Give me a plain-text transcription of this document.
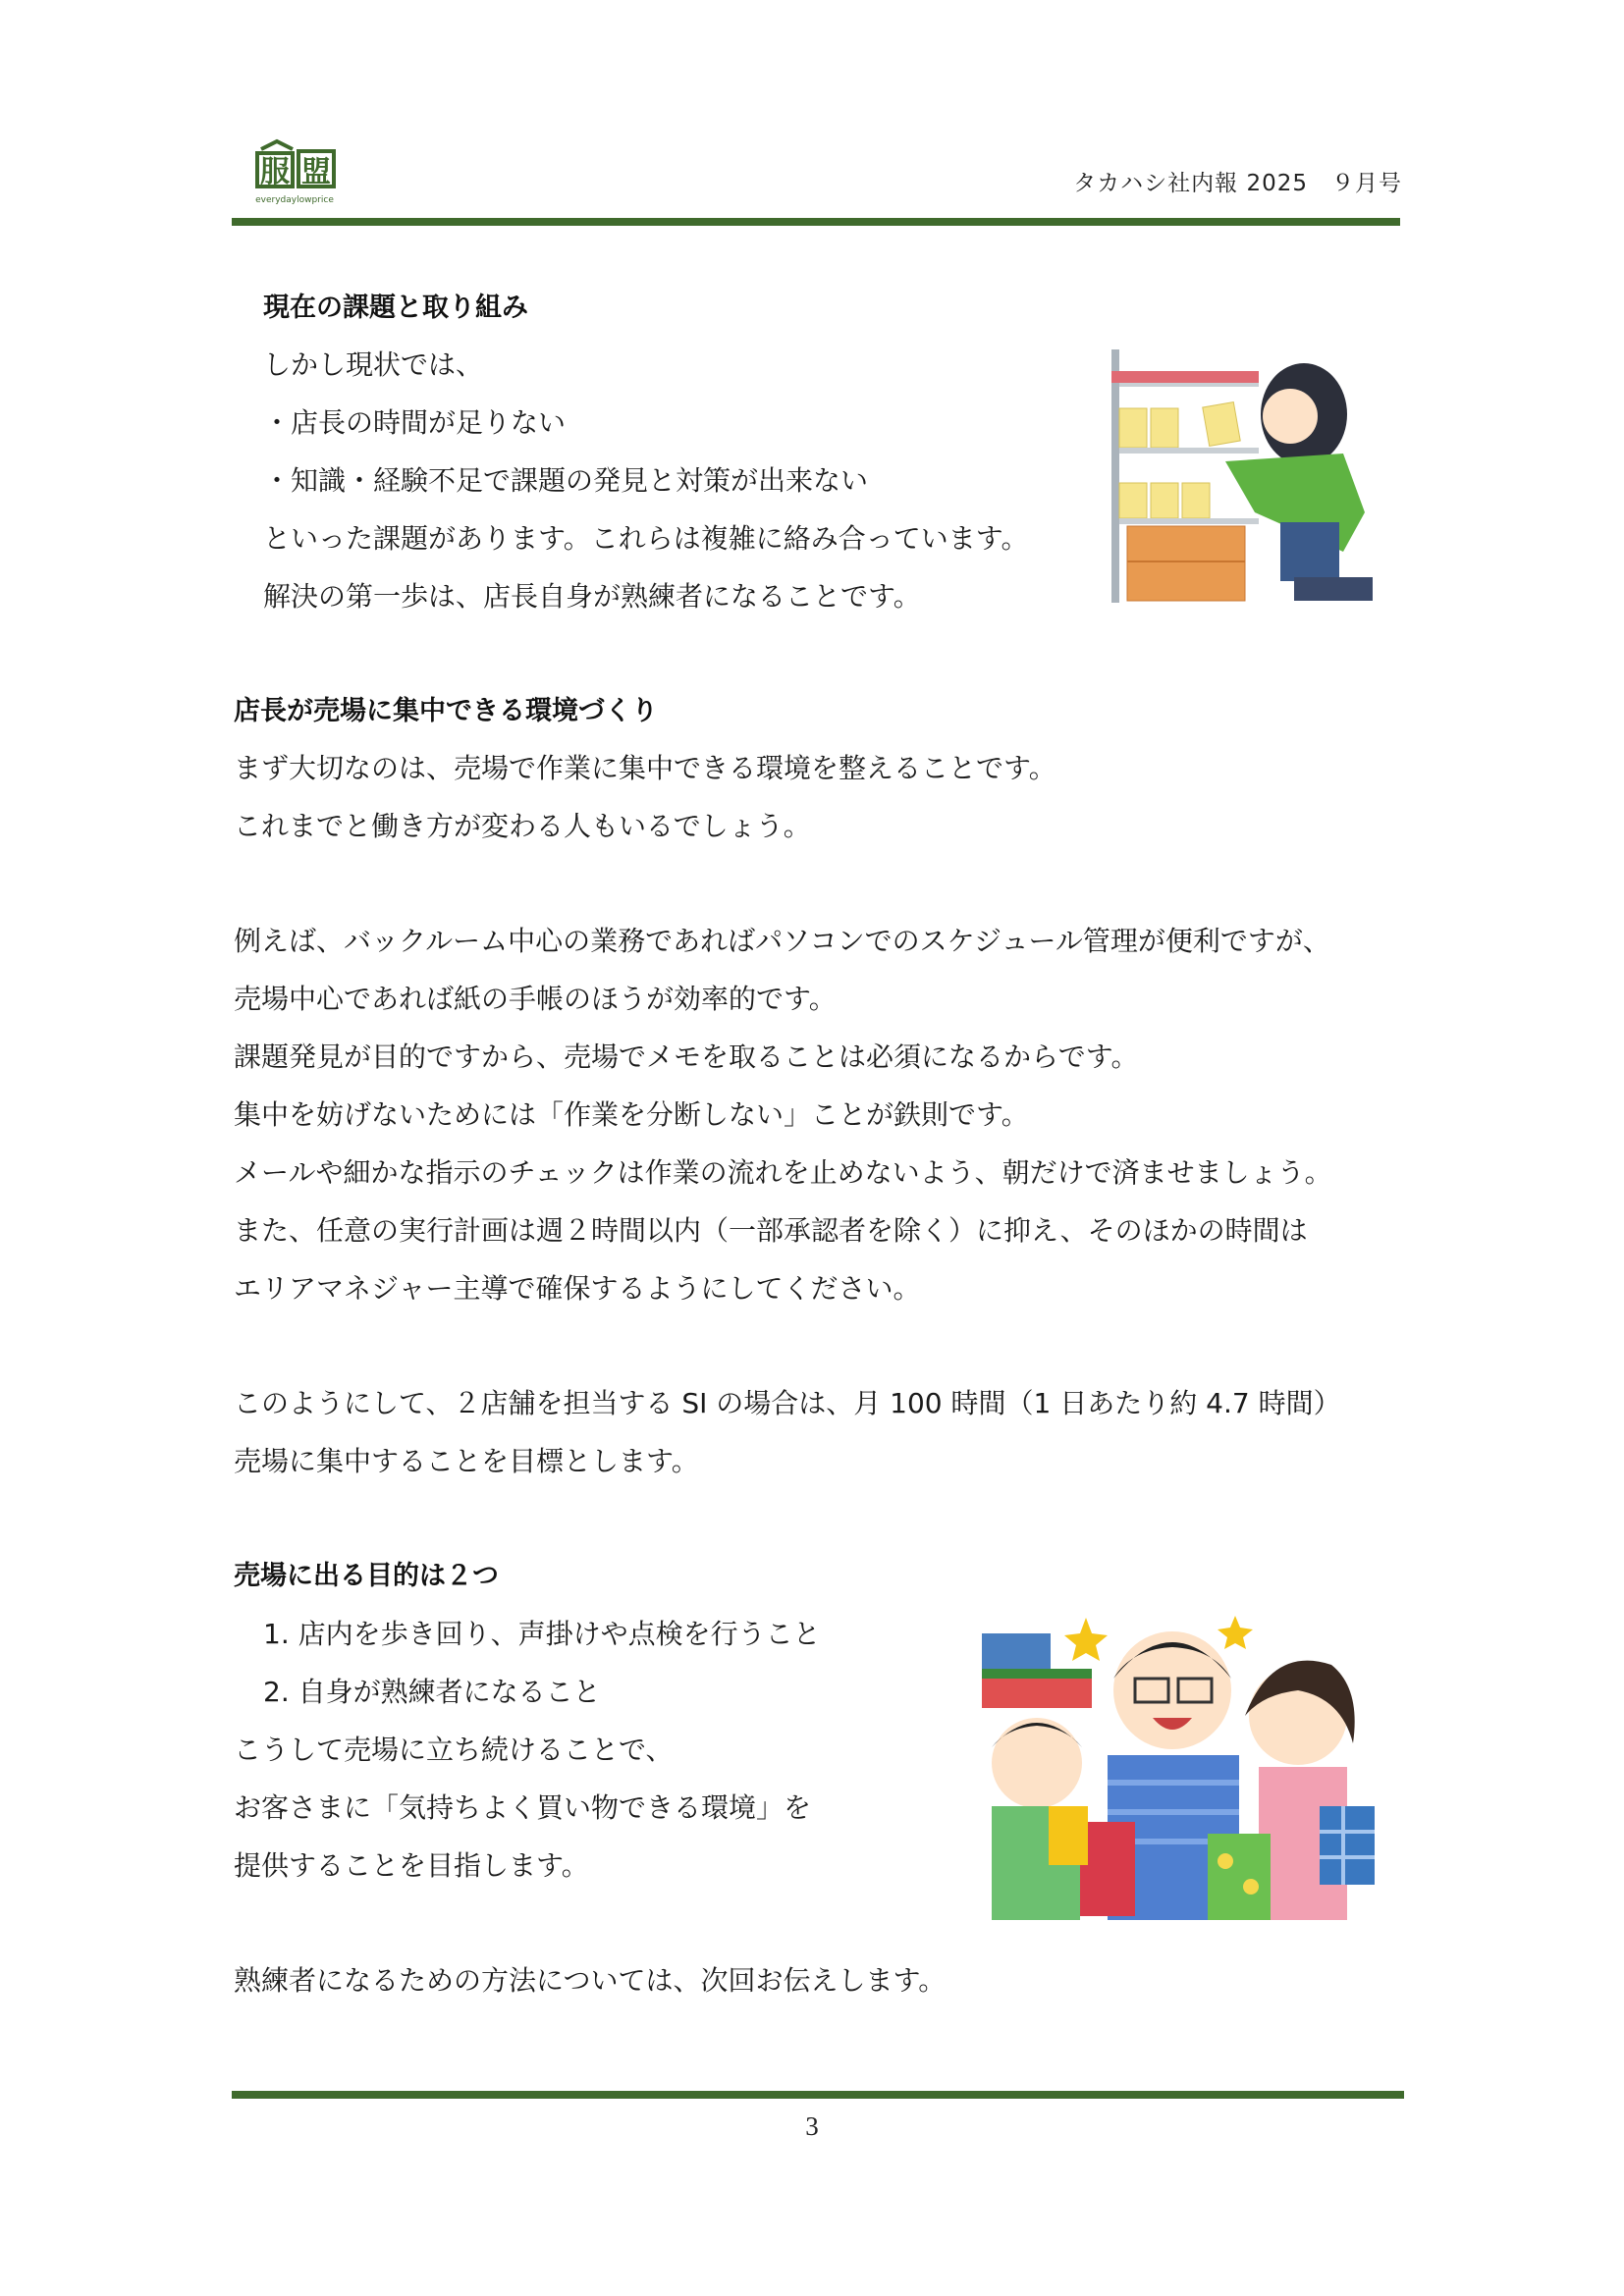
服 盟
everydaylowprice
タカハシ社内報 2025　９月号
現在の課題と取り組み
しかし現状では、
・店長の時間が足りない
・知識・経験不足で課題の発見と対策が出来ない
といった課題があります。これらは複雑に絡み合っています。
解決の第一歩は、店長自身が熟練者になることです。
店長が売場に集中できる環境づくり
まず大切なのは、売場で作業に集中できる環境を整えることです。
これまでと働き方が変わる人もいるでしょう。
例えば、バックルーム中心の業務であればパソコンでのスケジュール管理が便利ですが、
売場中心であれば紙の手帳のほうが効率的です。
課題発見が目的ですから、売場でメモを取ることは必須になるからです。
集中を妨げないためには「作業を分断しない」ことが鉄則です。
メールや細かな指示のチェックは作業の流れを止めないよう、朝だけで済ませましょう。
また、任意の実行計画は週２時間以内（一部承認者を除く）に抑え、そのほかの時間は
エリアマネジャー主導で確保するようにしてください。
このようにして、２店舗を担当する SI の場合は、月 100 時間（1 日あたり約 4.7 時間）
売場に集中することを目標とします。
売場に出る目的は２つ
1. 店内を歩き回り、声掛けや点検を行うこと
2. 自身が熟練者になること
こうして売場に立ち続けることで、
お客さまに「気持ちよく買い物できる環境」を
提供することを目指します。
熟練者になるための方法については、次回お伝えします。
3
